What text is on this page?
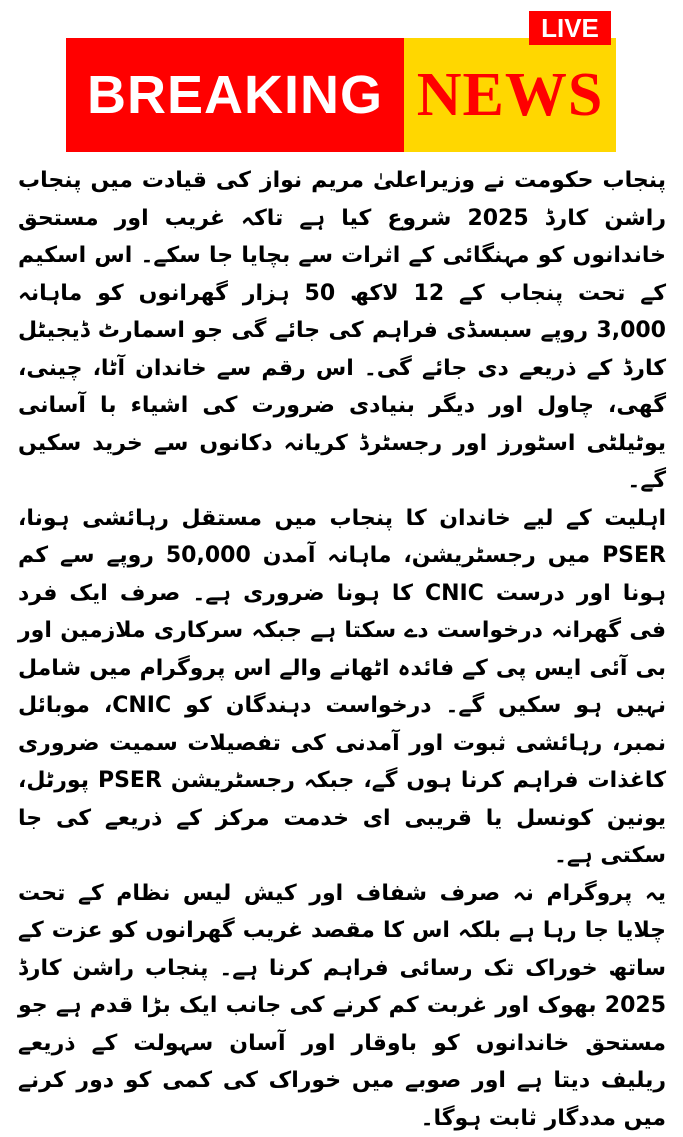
BREAKING NEWS
LIVE

پنجاب حکومت نے وزیراعلیٰ مریم نواز کی قیادت میں پنجاب راشن کارڈ 2025 شروع کیا ہے تاکہ غریب اور مستحق خاندانوں کو مہنگائی کے اثرات سے بچایا جا سکے۔ اس اسکیم کے تحت پنجاب کے 12 لاکھ 50 ہزار گھرانوں کو ماہانہ 3,000 روپے سبسڈی فراہم کی جائے گی جو اسمارٹ ڈیجیٹل کارڈ کے ذریعے دی جائے گی۔ اس رقم سے خاندان آٹا، چینی، گھی، چاول اور دیگر بنیادی ضرورت کی اشیاء با آسانی یوٹیلٹی اسٹورز اور رجسٹرڈ کریانہ دکانوں سے خرید سکیں گے۔

اہلیت کے لیے خاندان کا پنجاب میں مستقل رہائشی ہونا، PSER میں رجسٹریشن، ماہانہ آمدن 50,000 روپے سے کم ہونا اور درست CNIC کا ہونا ضروری ہے۔ صرف ایک فرد فی گھرانہ درخواست دے سکتا ہے جبکہ سرکاری ملازمین اور بی آئی ایس پی کے فائدہ اٹھانے والے اس پروگرام میں شامل نہیں ہو سکیں گے۔ درخواست دہندگان کو CNIC، موبائل نمبر، رہائشی ثبوت اور آمدنی کی تفصیلات سمیت ضروری کاغذات فراہم کرنا ہوں گے، جبکہ رجسٹریشن PSER پورٹل، یونین کونسل یا قریبی ای خدمت مرکز کے ذریعے کی جا سکتی ہے۔

یہ پروگرام نہ صرف شفاف اور کیش لیس نظام کے تحت چلایا جا رہا ہے بلکہ اس کا مقصد غریب گھرانوں کو عزت کے ساتھ خوراک تک رسائی فراہم کرنا ہے۔ پنجاب راشن کارڈ 2025 بھوک اور غربت کم کرنے کی جانب ایک بڑا قدم ہے جو مستحق خاندانوں کو باوقار اور آسان سہولت کے ذریعے ریلیف دیتا ہے اور صوبے میں خوراک کی کمی کو دور کرنے میں مددگار ثابت ہوگا۔
